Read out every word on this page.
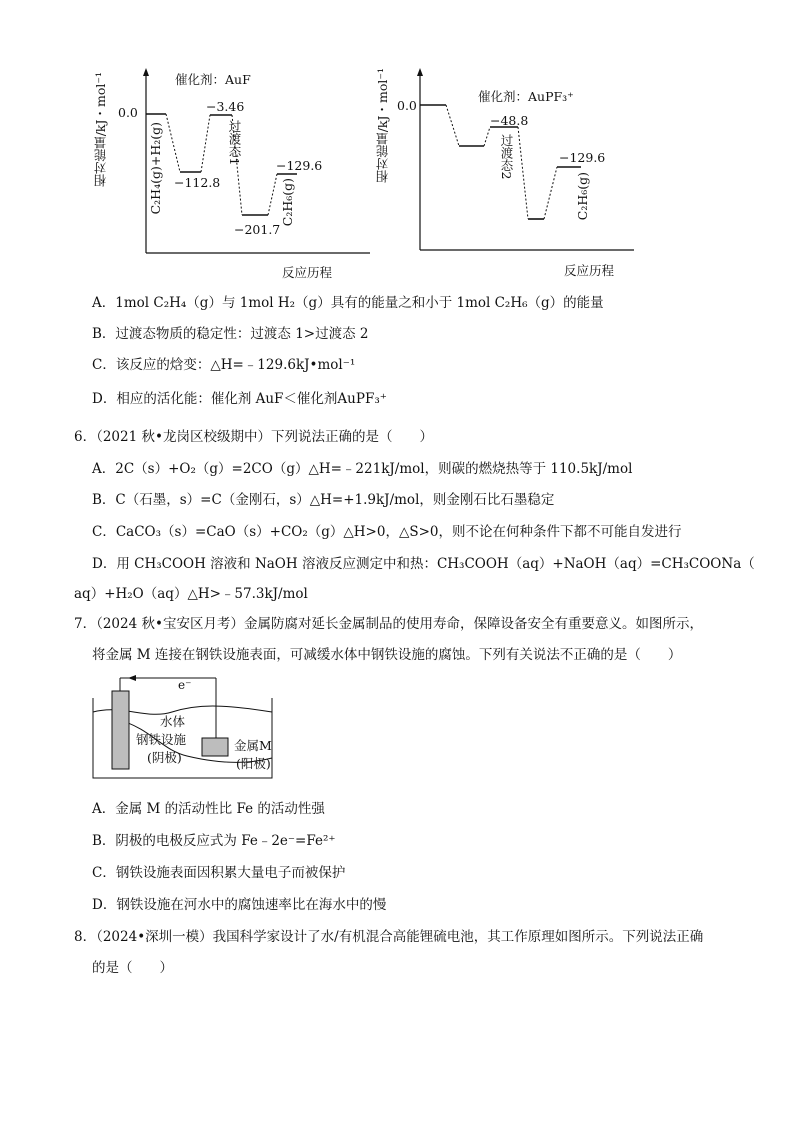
相对能量/kJ・mol⁻¹	催化剂：AuF
0.0
−112.8
−3.46
过渡态1
−201.7
−129.6
C₂H₄(g)+H₂(g)	C₂H₆(g)
反应历程
相对能量/kJ・mol⁻¹	催化剂：AuPF₃⁺
0.0
−48.8
过渡态2	−129.6
C₂H₆(g)
反应历程
A．1mol C₂H₄（g）与 1mol H₂（g）具有的能量之和小于 1mol C₂H₆（g）的能量
B．过渡态物质的稳定性：过渡态 1>过渡态 2
C．该反应的焓变：△H=﹣129.6kJ•mol⁻¹
D．相应的活化能：催化剂 AuF＜催化剂AuPF₃⁺
6．（2021 秋•龙岗区校级期中）下列说法正确的是（　　）
A．2C（s）+O₂（g）=2CO（g）△H=﹣221kJ/mol，则碳的燃烧热等于 110.5kJ/mol
B．C（石墨，s）=C（金刚石，s）△H=+1.9kJ/mol，则金刚石比石墨稳定
C．CaCO₃（s）=CaO（s）+CO₂（g）△H>0，△S>0，则不论在何种条件下都不可能自发进行
D．用 CH₃COOH 溶液和 NaOH 溶液反应测定中和热：CH₃COOH（aq）+NaOH（aq）=CH₃COONa（
aq）+H₂O（aq）△H>﹣57.3kJ/mol
7．（2024 秋•宝安区月考）金属防腐对延长金属制品的使用寿命，保障设备安全有重要意义。如图所示，
将金属 M 连接在钢铁设施表面，可减缓水体中钢铁设施的腐蚀。下列有关说法不正确的是（　　）
e⁻
水体
钢铁设施
(阴极)
金属M
(阳极)
A．金属 M 的活动性比 Fe 的活动性强
B．阴极的电极反应式为 Fe﹣2e⁻=Fe²⁺
C．钢铁设施表面因积累大量电子而被保护
D．钢铁设施在河水中的腐蚀速率比在海水中的慢
8．（2024•深圳一模）我国科学家设计了水/有机混合高能锂硫电池，其工作原理如图所示。下列说法正确
的是（　　）
